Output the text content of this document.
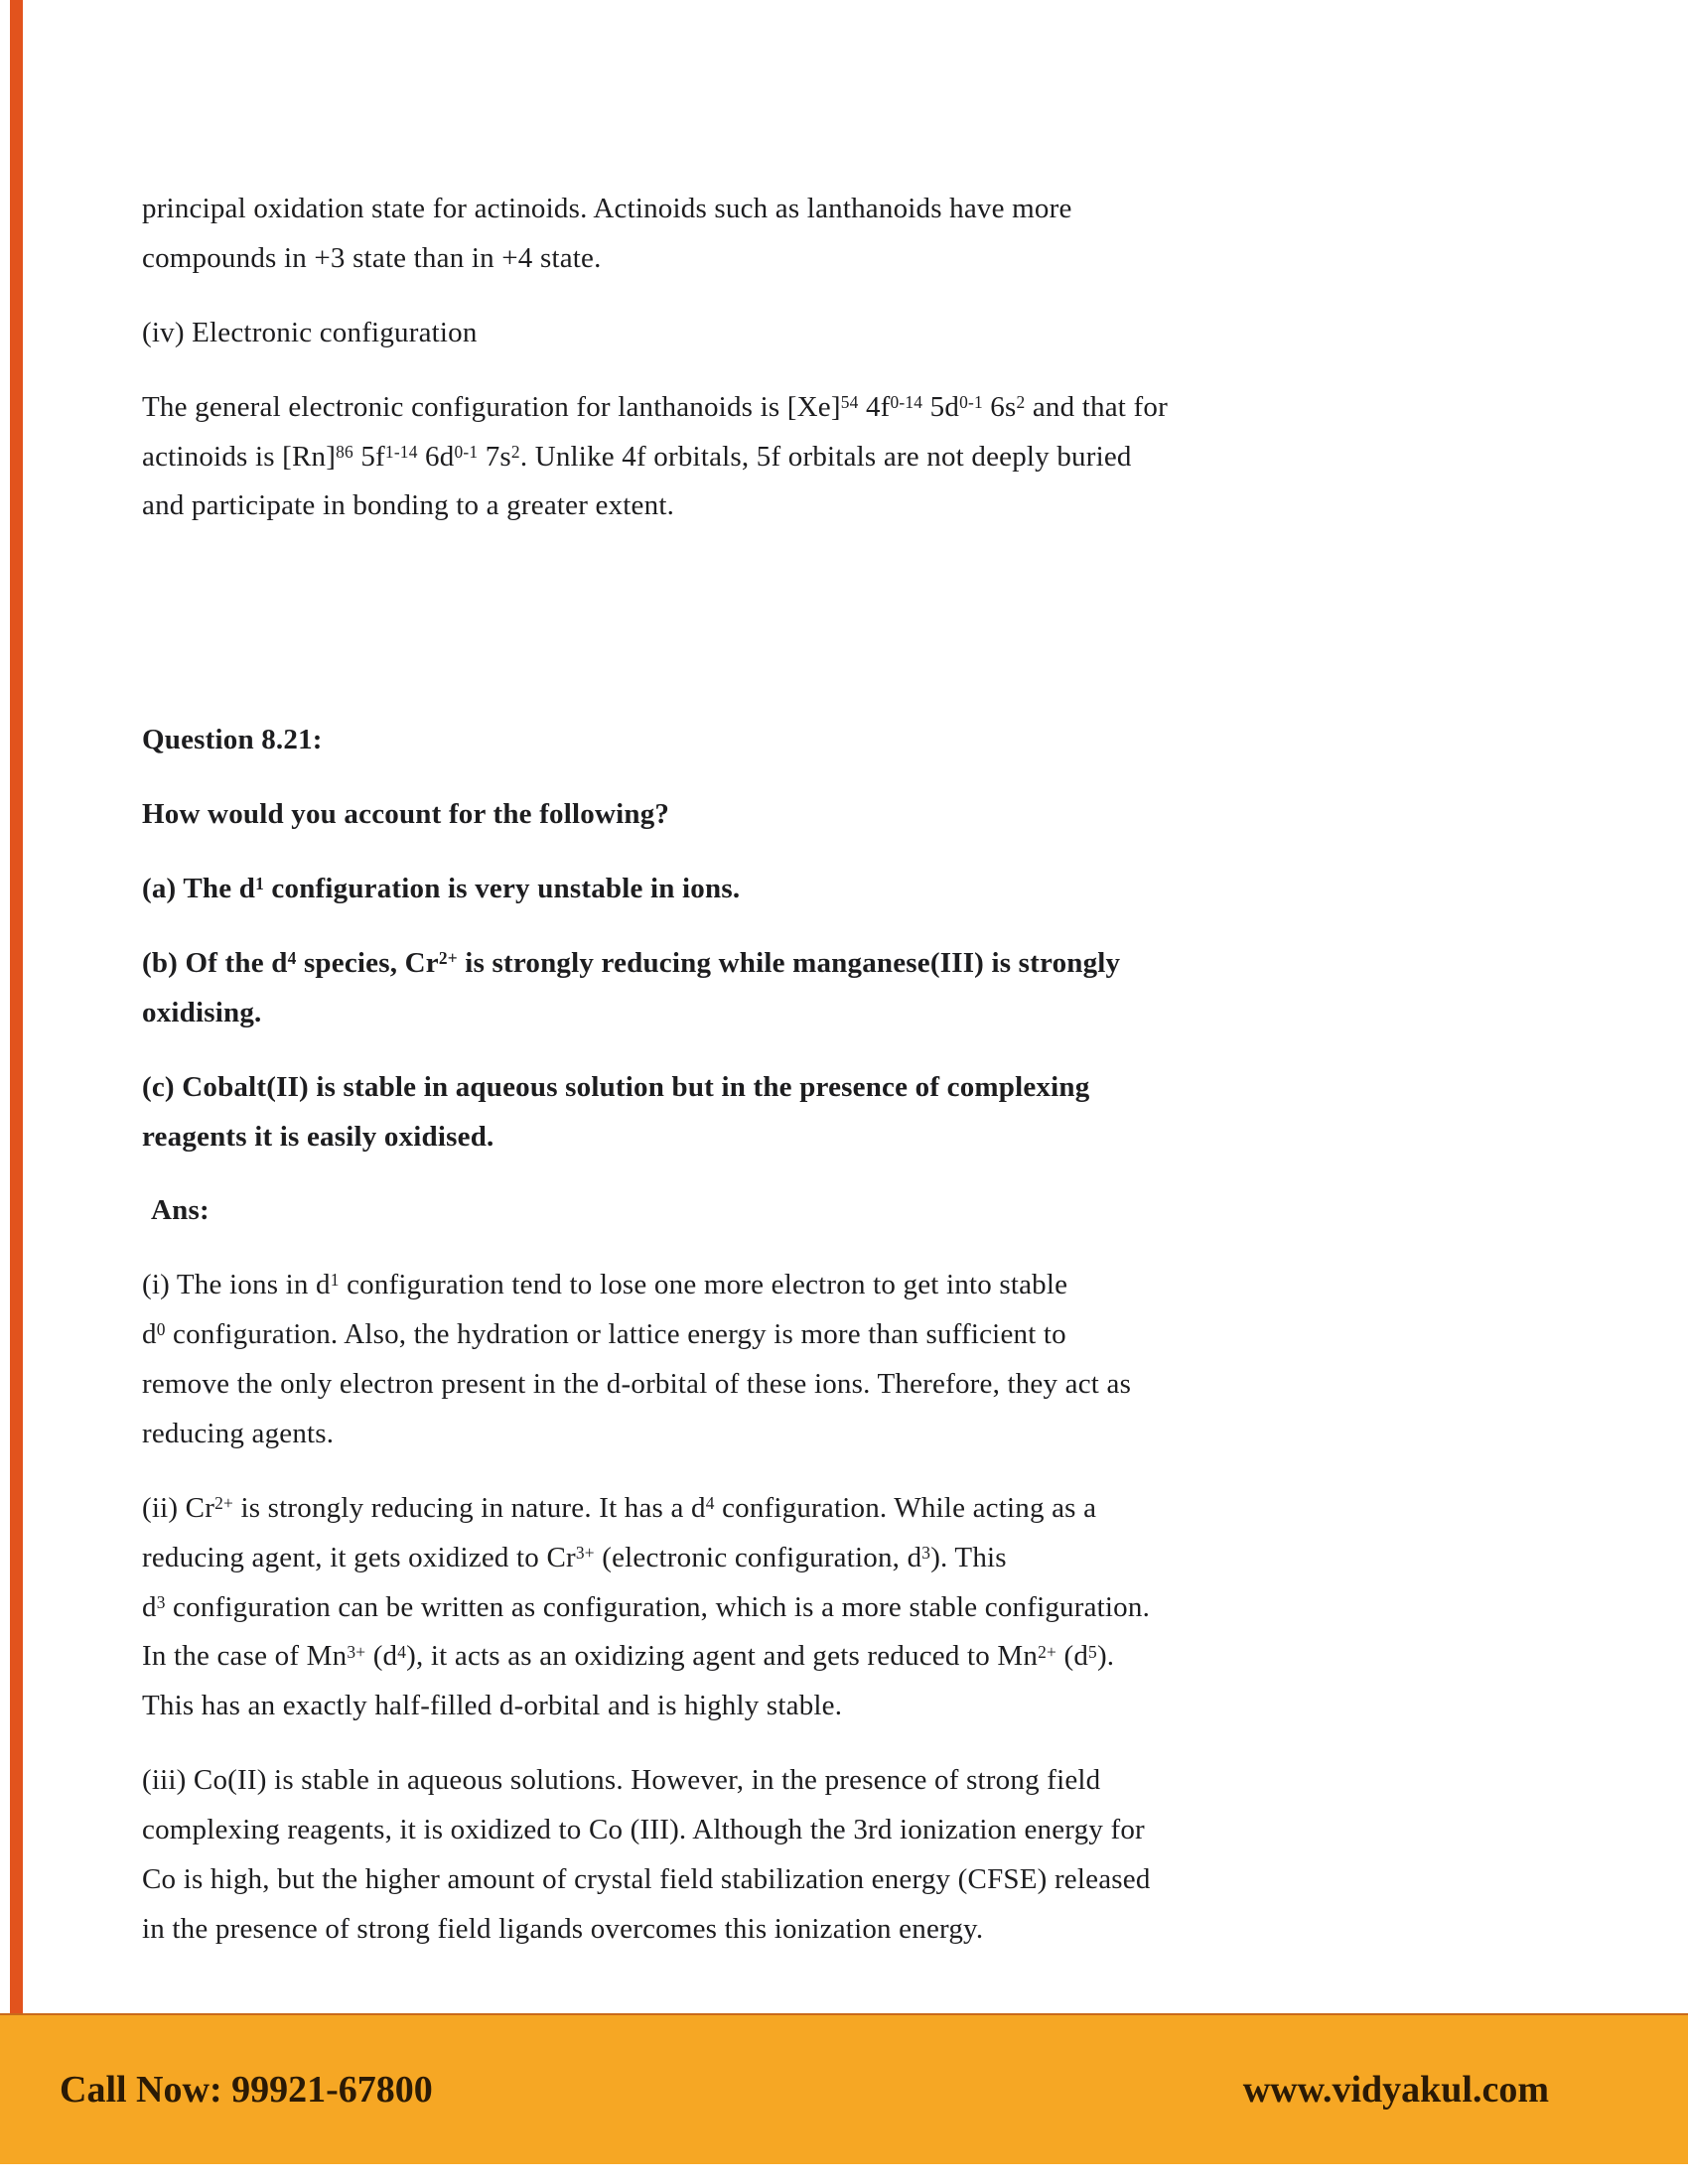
principal oxidation state for actinoids. Actinoids such as lanthanoids have more
compounds in +3 state than in +4 state.

(iv) Electronic configuration

The general electronic configuration for lanthanoids is $[Xe]^{54}$ $4f^{0-14}$ $5d^{0-1}$ $6s^2$ and that for
actinoids is $[Rn]^{86}$ $5f^{1-14}$ $6d^{0-1}$ $7s^2$. Unlike 4f orbitals, 5f orbitals are not deeply buried
and participate in bonding to a greater extent.

Question 8.21:

How would you account for the following?

(a) The $d^1$ configuration is very unstable in ions.

(b) Of the $d^4$ species, $Cr^{2+}$ is strongly reducing while manganese(III) is strongly
oxidising.

(c) Cobalt(II) is stable in aqueous solution but in the presence of complexing
reagents it is easily oxidised.

Ans:

(i) The ions in $d^1$ configuration tend to lose one more electron to get into stable
$d^0$ configuration. Also, the hydration or lattice energy is more than sufficient to
remove the only electron present in the d-orbital of these ions. Therefore, they act as
reducing agents.

(ii) $Cr^{2+}$ is strongly reducing in nature. It has a $d^4$ configuration. While acting as a
reducing agent, it gets oxidized to $Cr^{3+}$ (electronic configuration, $d^3$). This
$d^3$ configuration can be written as configuration, which is a more stable configuration.
In the case of $Mn^{3+}$ $(d^4)$, it acts as an oxidizing agent and gets reduced to $Mn^{2+}$ $(d^5)$.
This has an exactly half-filled d-orbital and is highly stable.

(iii) Co(II) is stable in aqueous solutions. However, in the presence of strong field
complexing reagents, it is oxidized to Co (III). Although the 3rd ionization energy for
Co is high, but the higher amount of crystal field stabilization energy (CFSE) released
in the presence of strong field ligands overcomes this ionization energy.

Call Now: 99921-67800	www.vidyakul.com
